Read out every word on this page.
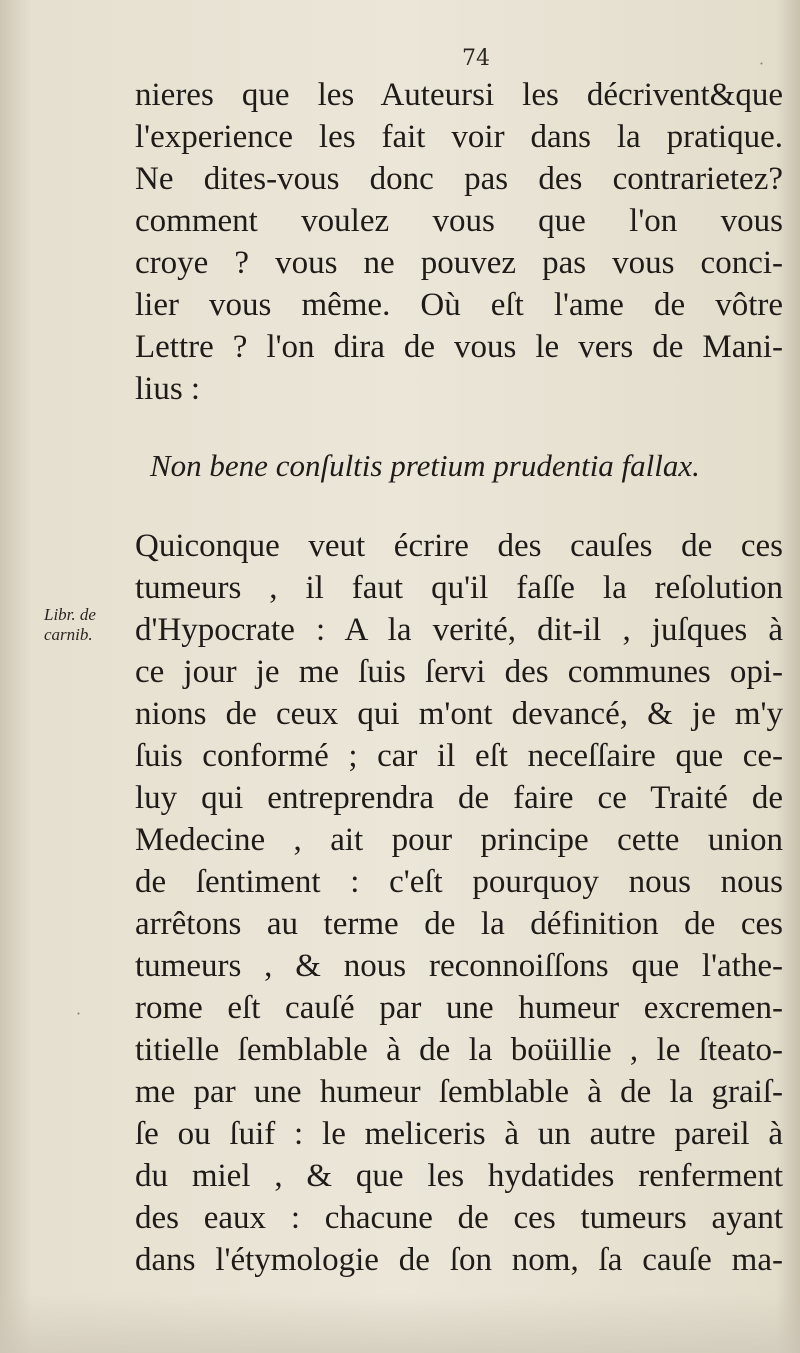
74
nieres que les Auteursi les décrivent&que
l'experience les fait voir dans la pratique.
Ne dites-vous donc pas des contrarietez?
comment voulez vous que l'on vous
croye ? vous ne pouvez pas vous conci-
lier vous même. Où eſt l'ame de vôtre
Lettre ? l'on dira de vous le vers de Mani-
lius :
Non bene conſultis pretium prudentia fallax.
Libr. de
carnib.
Quiconque veut écrire des cauſes de ces
tumeurs , il faut qu'il faſſe la reſolution
d'Hypocrate : A la verité, dit-il , juſques à
ce jour je me ſuis ſervi des communes opi-
nions de ceux qui m'ont devancé, & je m'y
ſuis conformé ; car il eſt neceſſaire que ce-
luy qui entreprendra de faire ce Traité de
Medecine , ait pour principe cette union
de ſentiment : c'eſt pourquoy nous nous
arrêtons au terme de la définition de ces
tumeurs , & nous reconnoiſſons que l'athe-
rome eſt cauſé par une humeur excremen-
titielle ſemblable à de la boüillie , le ſteato-
me par une humeur ſemblable à de la graiſ-
ſe ou ſuif : le meliceris à un autre pareil à
du miel , & que les hydatides renferment
des eaux : chacune de ces tumeurs ayant
dans l'étymologie de ſon nom, ſa cauſe ma-
˙
˙
